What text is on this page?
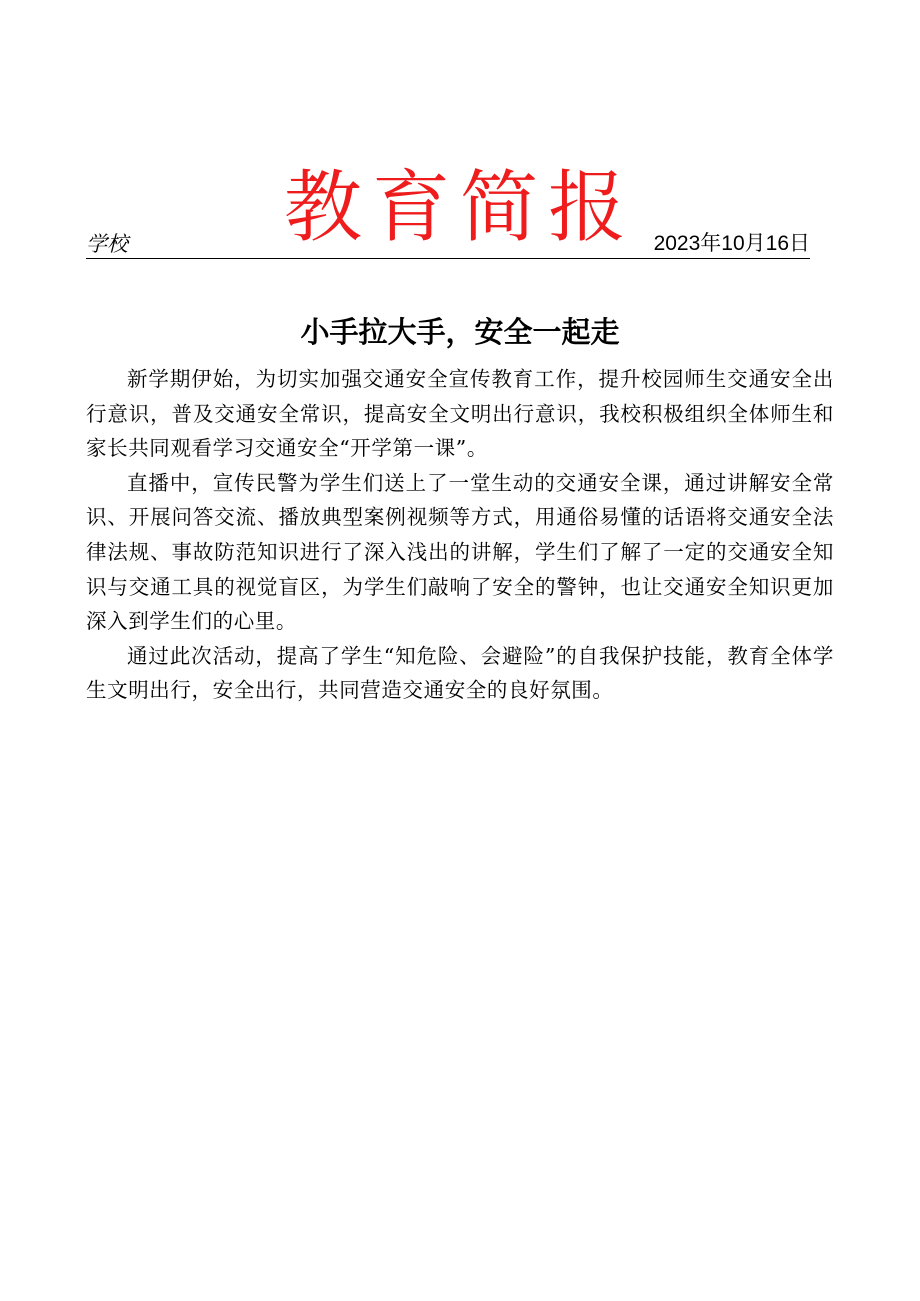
教育简报
学校	2023年10月16日
小手拉大手，安全一起走

新学期伊始，为切实加强交通安全宣传教育工作，提升校园师生交通安全出行意识，普及交通安全常识，提高安全文明出行意识，我校积极组织全体师生和家长共同观看学习交通安全“开学第一课”。

直播中，宣传民警为学生们送上了一堂生动的交通安全课，通过讲解安全常识、开展问答交流、播放典型案例视频等方式，用通俗易懂的话语将交通安全法律法规、事故防范知识进行了深入浅出的讲解，学生们了解了一定的交通安全知识与交通工具的视觉盲区，为学生们敲响了安全的警钟，也让交通安全知识更加深入到学生们的心里。

通过此次活动，提高了学生“知危险、会避险”的自我保护技能，教育全体学生文明出行，安全出行，共同营造交通安全的良好氛围。
